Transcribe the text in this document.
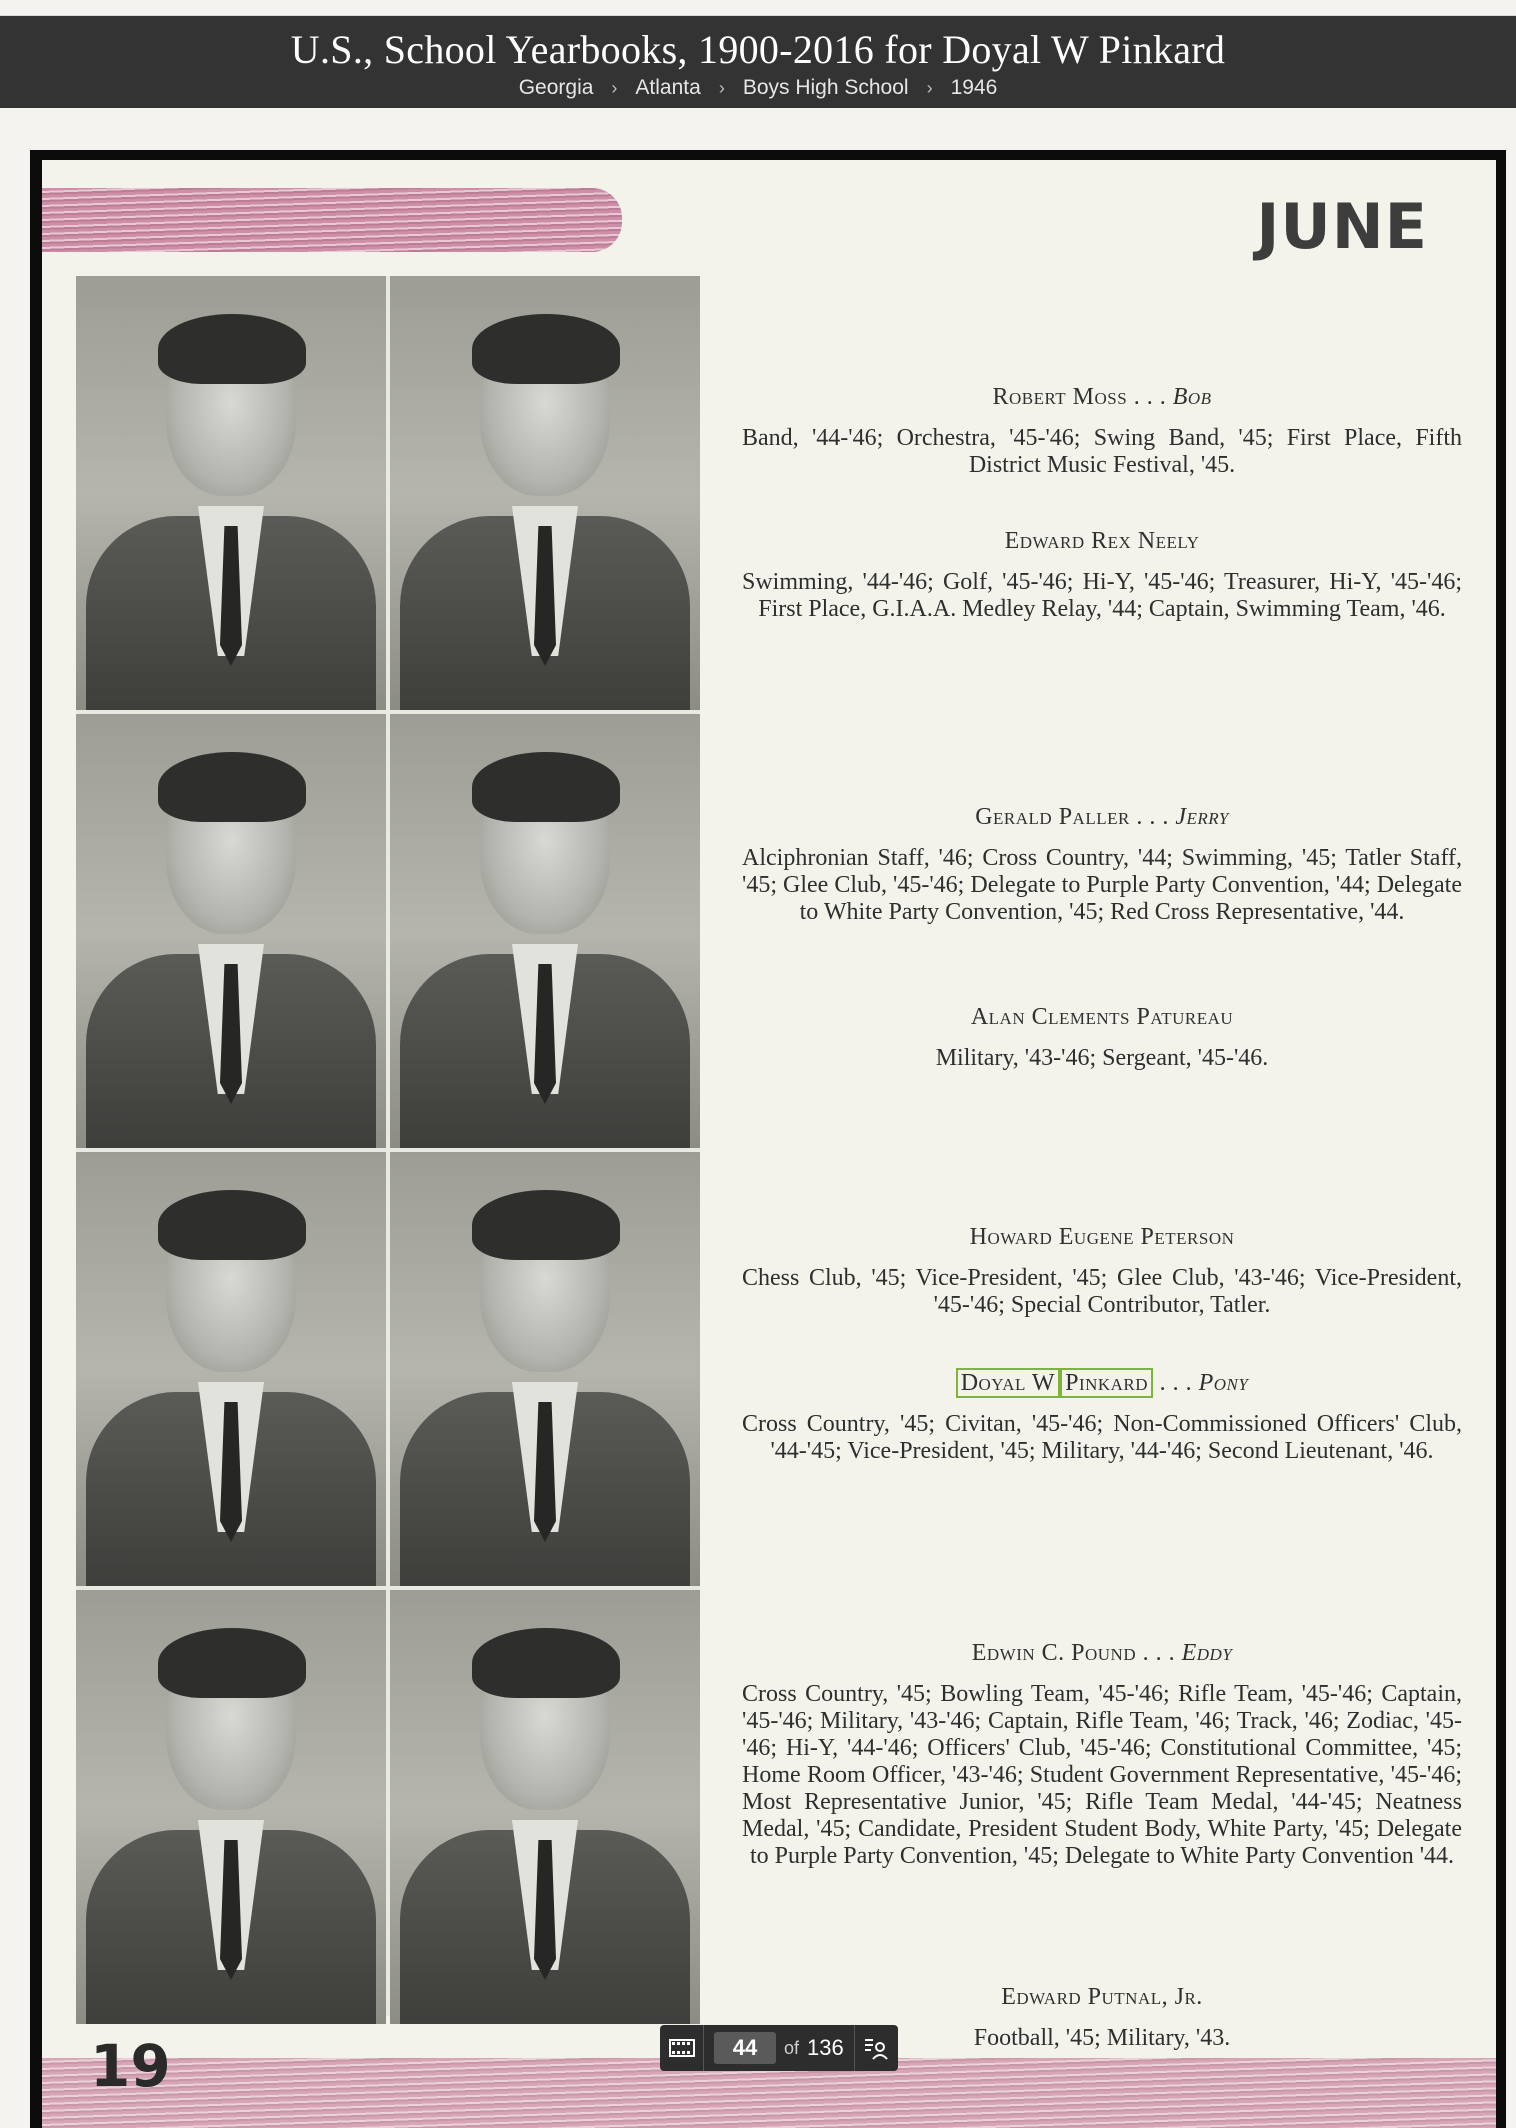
U.S., School Yearbooks, 1900-2016 for Doyal W Pinkard
Georgia › Atlanta › Boys High School › 1946
JUNE
Robert Moss . . . Bob
Band, '44-'46; Orchestra, '45-'46; Swing Band, '45; First Place, Fifth District Music Festival, '45.
Edward Rex Neely
Swimming, '44-'46; Golf, '45-'46; Hi-Y, '45-'46; Treasurer, Hi-Y, '45-'46; First Place, G.I.A.A. Medley Relay, '44; Captain, Swimming Team, '46.
Gerald Paller . . . Jerry
Alciphronian Staff, '46; Cross Country, '44; Swimming, '45; Tatler Staff, '45; Glee Club, '45-'46; Delegate to Purple Party Convention, '44; Delegate to White Party Convention, '45; Red Cross Representative, '44.
Alan Clements Patureau
Military, '43-'46; Sergeant, '45-'46.
Howard Eugene Peterson
Chess Club, '45; Vice-President, '45; Glee Club, '43-'46; Vice-President, '45-'46; Special Contributor, Tatler.
Doyal W Pinkard . . . Pony
Cross Country, '45; Civitan, '45-'46; Non-Commissioned Officers' Club, '44-'45; Vice-President, '45; Military, '44-'46; Second Lieutenant, '46.
Edwin C. Pound . . . Eddy
Cross Country, '45; Bowling Team, '45-'46; Rifle Team, '45-'46; Captain, '45-'46; Military, '43-'46; Captain, Rifle Team, '46; Track, '46; Zodiac, '45-'46; Hi-Y, '44-'46; Officers' Club, '45-'46; Constitutional Committee, '45; Home Room Officer, '43-'46; Student Government Representative, '45-'46; Most Representative Junior, '45; Rifle Team Medal, '44-'45; Neatness Medal, '45; Candidate, President Student Body, White Party, '45; Delegate to Purple Party Convention, '45; Delegate to White Party Convention '44.
Edward Putnal, Jr.
Football, '45; Military, '43.
19
44	of 136
